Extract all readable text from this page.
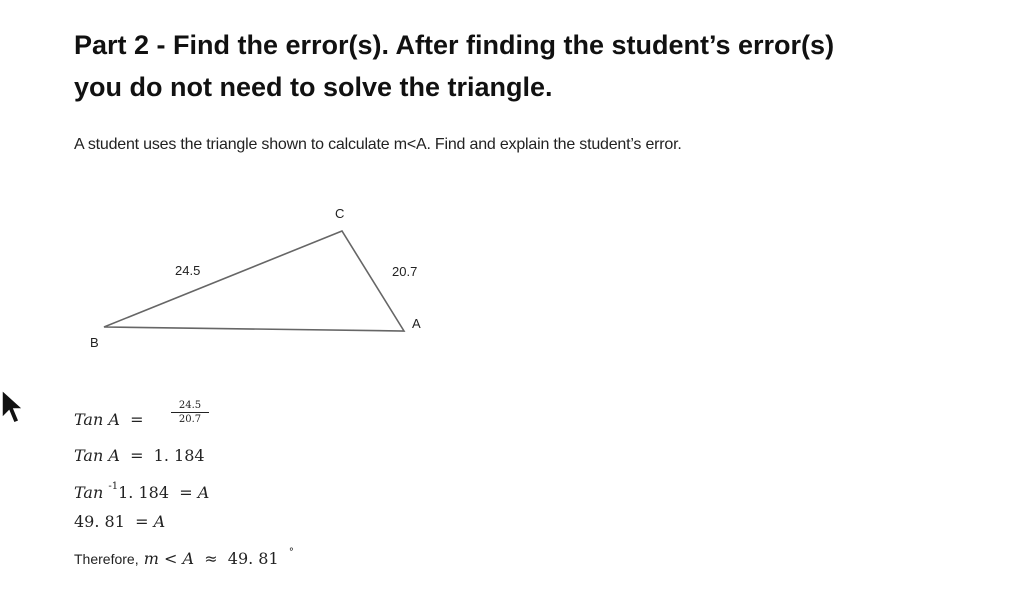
Part 2 - Find the error(s). After finding the student’s error(s)
you do not need to solve the triangle.
A student uses the triangle shown to calculate m<A. Find and explain the student’s error.
C
A
B
24.5	20.7
Tan A =	$\frac{24.5}{20.7}$
Tan A = 1. 184
Tan $^{-1}$1. 184 = A
49. 81 = A
Therefore, m < A ≈ 49. 81 °
